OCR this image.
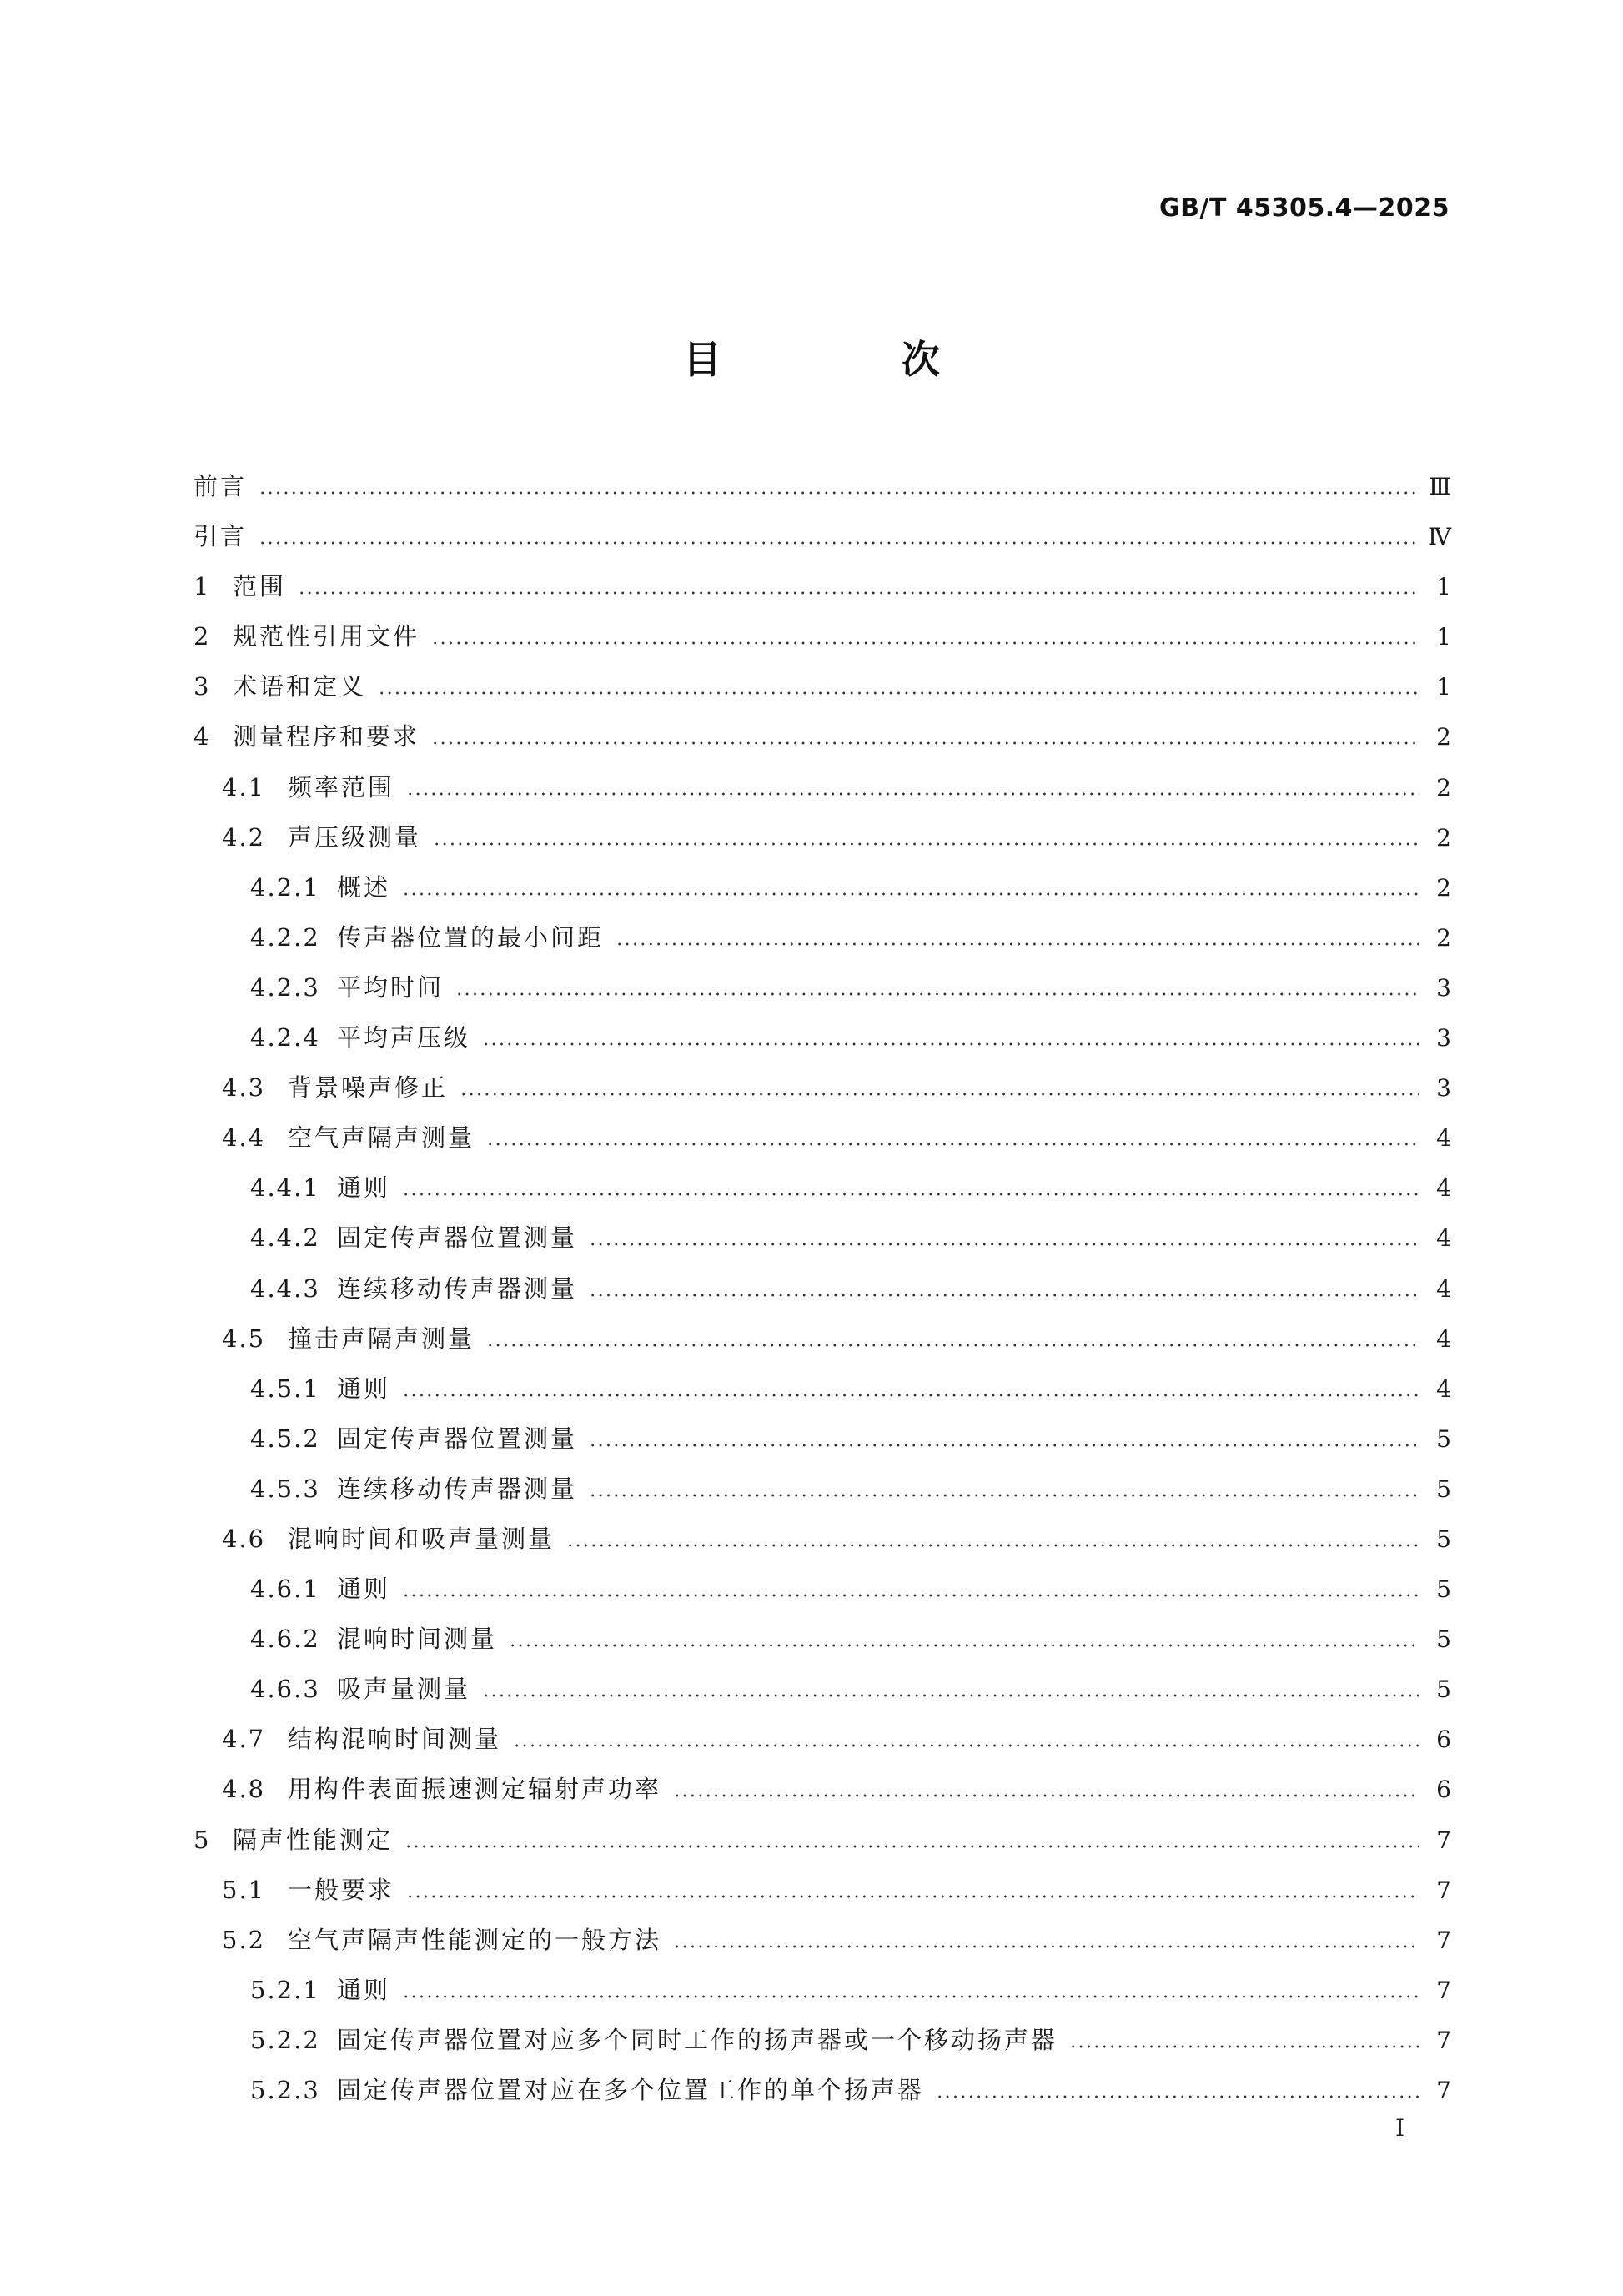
GB/T 45305.4—2025
目 次
前言	Ⅲ
引言	Ⅳ
1 范围	1
2 规范性引用文件	1
3 术语和定义	1
4 测量程序和要求	2
4.1 频率范围	2
4.2 声压级测量	2
4.2.1 概述	2
4.2.2 传声器位置的最小间距	2
4.2.3 平均时间	3
4.2.4 平均声压级	3
4.3 背景噪声修正	3
4.4 空气声隔声测量	4
4.4.1 通则	4
4.4.2 固定传声器位置测量	4
4.4.3 连续移动传声器测量	4
4.5 撞击声隔声测量	4
4.5.1 通则	4
4.5.2 固定传声器位置测量	5
4.5.3 连续移动传声器测量	5
4.6 混响时间和吸声量测量	5
4.6.1 通则	5
4.6.2 混响时间测量	5
4.6.3 吸声量测量	5
4.7 结构混响时间测量	6
4.8 用构件表面振速测定辐射声功率	6
5 隔声性能测定	7
5.1 一般要求	7
5.2 空气声隔声性能测定的一般方法	7
5.2.1 通则	7
5.2.2 固定传声器位置对应多个同时工作的扬声器或一个移动扬声器	7
5.2.3 固定传声器位置对应在多个位置工作的单个扬声器	7
Ⅰ
